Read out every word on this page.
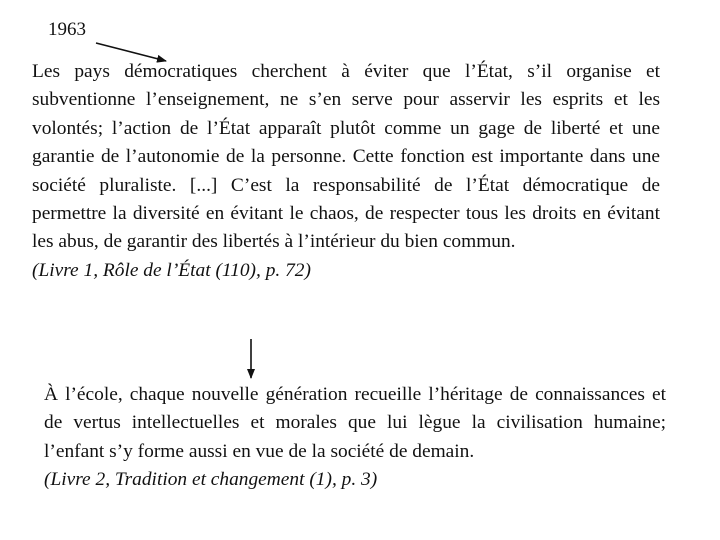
1963

Les pays démocratiques cherchent à éviter que l’État, s’il organise et subventionne l’enseignement, ne s’en serve pour asservir les esprits et les volontés; l’action de l’État apparaît plutôt comme un gage de liberté et une garantie de l’autonomie de la personne. Cette fonction est importante dans une société pluraliste. [...] C’est la responsabilité de l’État démocratique de permettre la diversité en évitant le chaos, de respecter tous les droits en évitant les abus, de garantir des libertés à l’intérieur du bien commun.
(Livre 1, Rôle de l’État (110), p. 72)

À l’école, chaque nouvelle génération recueille l’héritage de connaissances et de vertus intellectuelles et morales que lui lègue la civilisation humaine; l’enfant s’y forme aussi en vue de la société de demain.
(Livre 2, Tradition et changement (1), p. 3)
